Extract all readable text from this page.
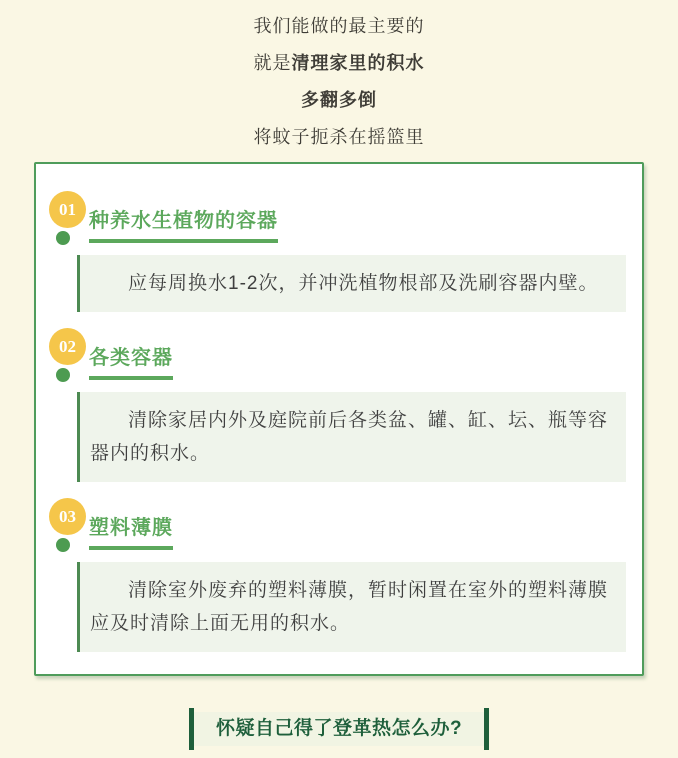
我们能做的最主要的
就是清理家里的积水
多翻多倒
将蚊子扼杀在摇篮里
01
种养水生植物的容器
应每周换水1-2次，并冲洗植物根部及洗刷容器内壁。
02
各类容器
清除家居内外及庭院前后各类盆、罐、缸、坛、瓶等容器内的积水。
03
塑料薄膜
清除室外废弃的塑料薄膜，暂时闲置在室外的塑料薄膜应及时清除上面无用的积水。
怀疑自己得了登革热怎么办?
